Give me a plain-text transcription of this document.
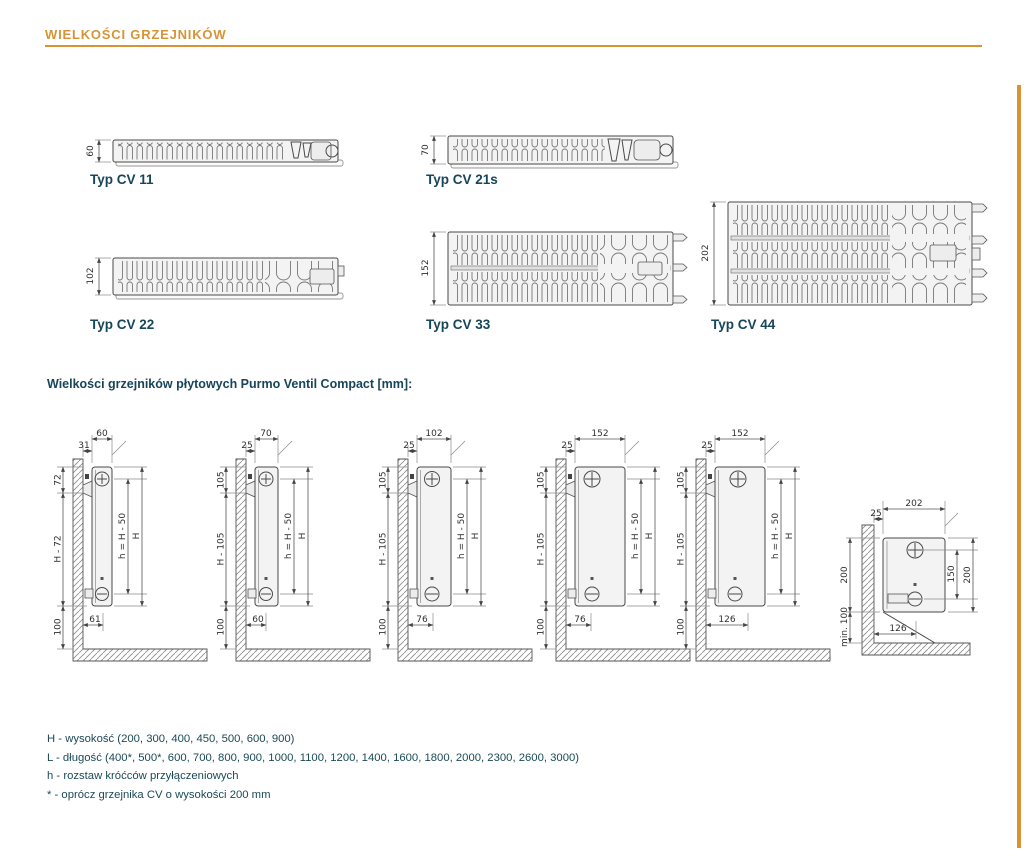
WIELKOŚCI GRZEJNIKÓW
60
Typ CV 11
70
Typ CV 21s
102
Typ CV 22
152
Typ CV 33
202
Typ CV 44
Wielkości grzejników płytowych Purmo Ventil Compact [mm]:
60
31
72
H - 72
100
h = H - 50 H
61
70
25
105
H - 105
100
h = H - 50 H
60
102
25
105
H - 105
100
h = H - 50 H
76
152
25
105
H - 105
100
h = H - 50 H
76
152
25
105
H - 105
100
h = H - 50 H
126
202
25
150 200
200
min. 100	126
H - wysokość (200, 300, 400, 450, 500, 600, 900)
L - długość (400*, 500*, 600, 700, 800, 900, 1000, 1100, 1200, 1400, 1600, 1800, 2000, 2300, 2600, 3000)
h - rozstaw króćców przyłączeniowych
* - oprócz grzejnika CV o wysokości 200 mm
